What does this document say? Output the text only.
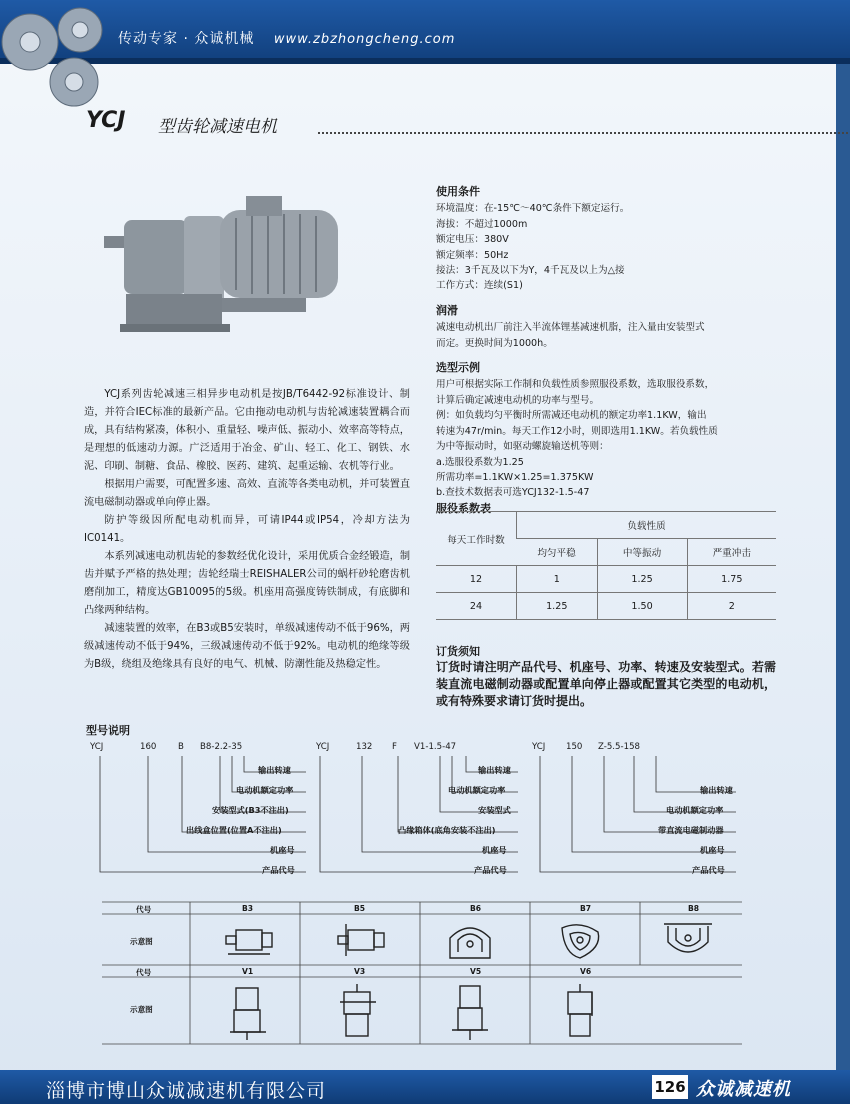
传动专家 · 众诚机械 www.zbzhongcheng.com
YCJ 型齿轮减速电机

YCJ系列齿轮减速三相异步电动机是按JB/T6442-92标准设计、制造，并符合IEC标准的最新产品。它由拖动电动机与齿轮减速装置耦合而成，具有结构紧凑，体积小、重量轻、噪声低、振动小、效率高等特点，是理想的低速动力源。广泛适用于冶金、矿山、轻工、化工、钢铁、水泥、印刷、制糖、食品、橡胶、医药、建筑、起重运输、农机等行业。

根据用户需要，可配置多速、高效、直流等各类电动机，并可装置直流电磁制动器或单向停止器。

防护等级因所配电动机而异，可请IP44或IP54，冷却方法为IC0141。

本系列减速电动机齿轮的参数经优化设计，采用优质合金经锻造，制齿并赋予严格的热处理；齿轮经瑞士REISHALER公司的蜗杆砂轮磨齿机磨削加工，精度达GB10095的5级。机座用高强度铸铁制成，有底脚和凸缘两种结构。

减速装置的效率，在B3或B5安装时，单级减速传动不低于96%，两级减速传动不低于94%，三级减速传动不低于92%。电动机的绝缘等级为B级，绕组及绝缘具有良好的电气、机械、防潮性能及热稳定性。

使用条件
环境温度：在-15℃～40℃条件下额定运行。
海拔：不超过1000m
额定电压：380V
额定频率：50Hz
接法：3千瓦及以下为Y，4千瓦及以上为△接
工作方式：连续(S1)
润滑
减速电动机出厂前注入半流体锂基减速机脂，注入量由安装型式
而定。更换时间为1000h。
选型示例
用户可根据实际工作制和负载性质参照服役系数，选取服役系数，
计算后确定减速电动机的功率与型号。
例：如负载均匀平衡时所需减还电动机的额定功率1.1KW，输出
转速为47r/min。每天工作12小时，则即选用1.1KW。若负载性质
为中等振动时，如驱动螺旋输送机等则：
a.选服役系数为1.25
所需功率=1.1KW×1.25=1.375KW
b.查技术数据表可选YCJ132-1.5-47
服役系数表
每天工作时数	负载性质		
	均匀平稳	中等振动	严重冲击
12	1	1.25	1.75
24	1.25	1.50	2
订货须知
订货时请注明产品代号、机座号、功率、转速及安装型式。若需装直流电磁制动器或配置单向停止器或配置其它类型的电动机，或有特殊要求请订货时提出。
型号说明
YCJ	160	B B8-2.2-35
输出转速
电动机额定功率
安装型式(B3不注出)
出线盒位置(位置A不注出)
机座号
产品代号
YCJ	132 F V1-1.5-47
输出转速
电动机额定功率
安装型式
凸缘箱体(底角安装不注出)
机座号
产品代号
YCJ 150 Z-5.5-158
输出转速
电动机额定功率
带直流电磁制动器
机座号
产品代号
代号
示意图
B3	B5	B6	B7	B8
代号
示意图
V1	V3	V5	V6
淄博市博山众诚减速机有限公司	126 众诚减速机
